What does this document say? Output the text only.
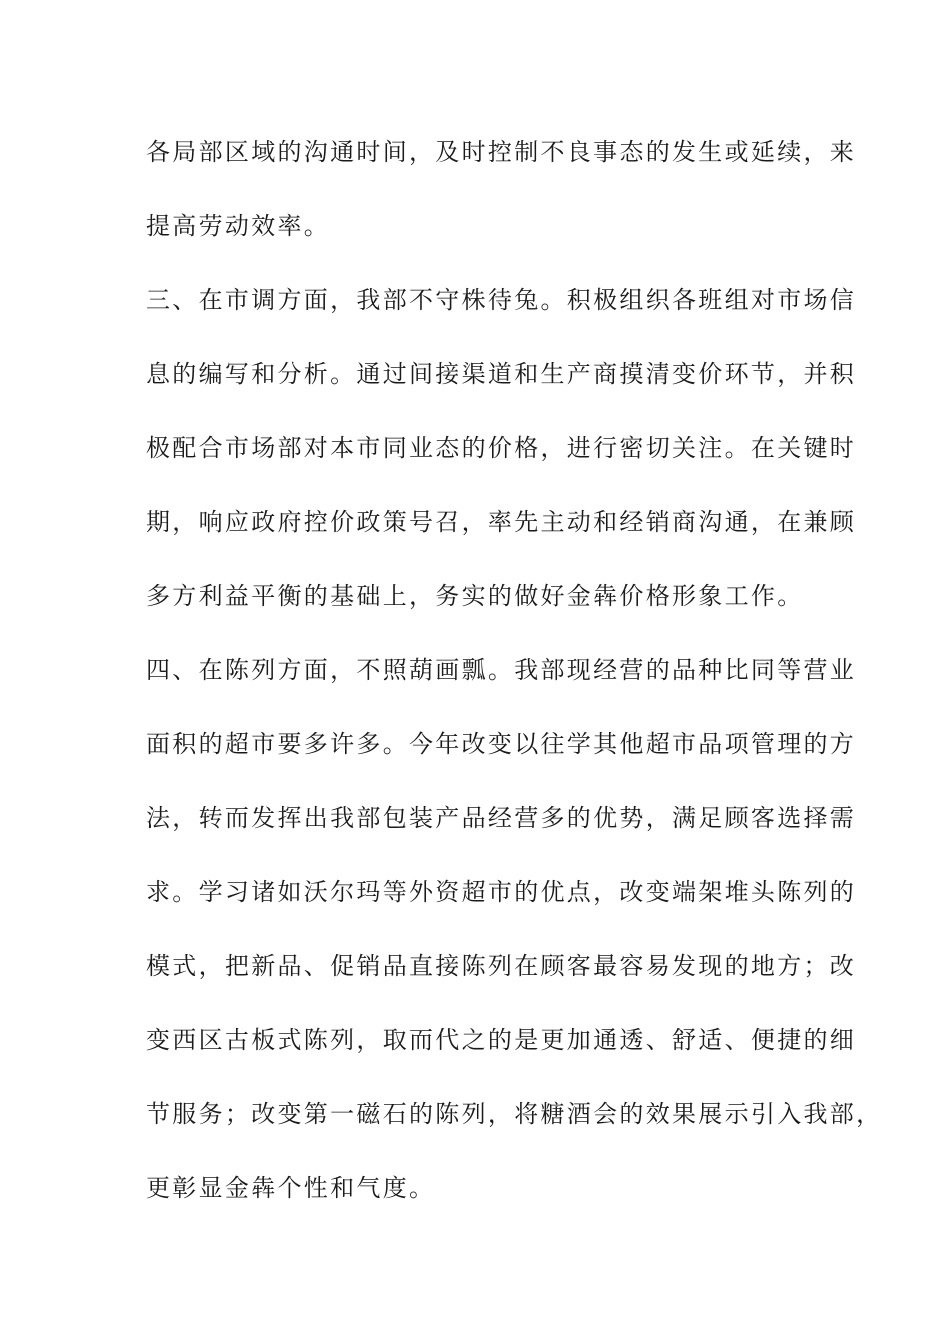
各局部区域的沟通时间，及时控制不良事态的发生或延续，来
提高劳动效率。
三、在市调方面，我部不守株待兔。积极组织各班组对市场信
息的编写和分析。通过间接渠道和生产商摸清变价环节，并积
极配合市场部对本市同业态的价格，进行密切关注。在关键时
期，响应政府控价政策号召，率先主动和经销商沟通，在兼顾
多方利益平衡的基础上，务实的做好金犇价格形象工作。
四、在陈列方面，不照葫画瓢。我部现经营的品种比同等营业
面积的超市要多许多。今年改变以往学其他超市品项管理的方
法，转而发挥出我部包装产品经营多的优势，满足顾客选择需
求。学习诸如沃尔玛等外资超市的优点，改变端架堆头陈列的
模式，把新品、促销品直接陈列在顾客最容易发现的地方；改
变西区古板式陈列，取而代之的是更加通透、舒适、便捷的细
节服务；改变第一磁石的陈列，将糖酒会的效果展示引入我部，
更彰显金犇个性和气度。
